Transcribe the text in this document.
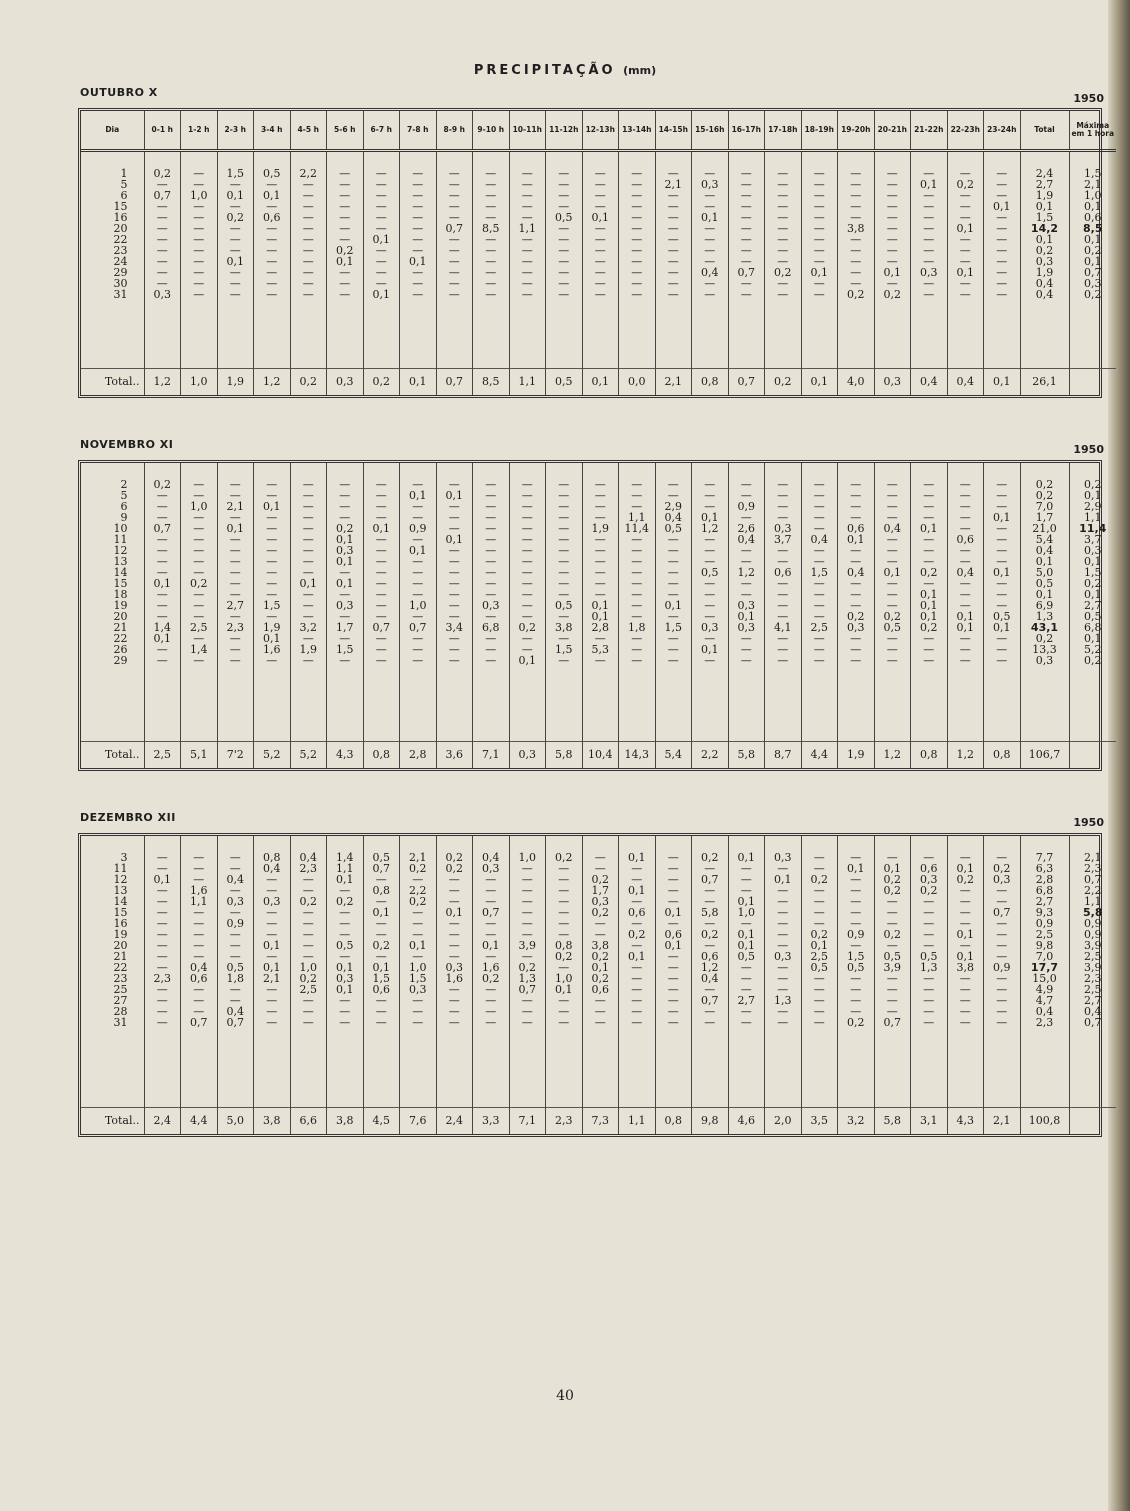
PRECIPITAÇÃO (mm)
OUTUBRO X	1950
Dia	0-1 h	1-2 h	2-3 h	3-4 h	4-5 h	5-6 h	6-7 h	7-8 h	8-9 h	9-10 h	10-11h	11-12h	12-13h	13-14h	14-15h	15-16h	16-17h	17-18h	18-19h	19-20h	20-21h	21-22h	22-23h	23-24h	Total	Máxima em 1 hora

1	0,2	—	1,5	0,5	2,2	—	—	—	—	—	—	—	—	—	—	—	—	—	—	—	—	—	—	—	2,4	1,5
5	—	—	—	—	—	—	—	—	—	—	—	—	—	—	2,1	0,3	—	—	—	—	—	0,1	0,2	—	2,7	2,1
6	0,7	1,0	0,1	0,1	—	—	—	—	—	—	—	—	—	—	—	—	—	—	—	—	—	—	—	—	1,9	1,0
15	—	—	—	—	—	—	—	—	—	—	—	—	—	—	—	—	—	—	—	—	—	—	—	0,1	0,1	0,1
16	—	—	0,2	0,6	—	—	—	—	—	—	—	0,5	0,1	—	—	0,1	—	—	—	—	—	—	—	—	1,5	0,6
20	—	—	—	—	—	—	—	—	0,7	8,5	1,1	—	—	—	—	—	—	—	—	3,8	—	—	0,1	—	14,2	8,5
22	—	—	—	—	—	—	0,1	—	—	—	—	—	—	—	—	—	—	—	—	—	—	—	—	—	0,1	0,1
23	—	—	—	—	—	0,2	—	—	—	—	—	—	—	—	—	—	—	—	—	—	—	—	—	—	0,2	0,2
24	—	—	0,1	—	—	0,1	—	0,1	—	—	—	—	—	—	—	—	—	—	—	—	—	—	—	—	0,3	0,1
29	—	—	—	—	—	—	—	—	—	—	—	—	—	—	—	0,4	0,7	0,2	0,1	—	0,1	0,3	0,1	—	1,9	0,7
30	—	—	—	—	—	—	—	—	—	—	—	—	—	—	—	—	—	—	—	—	—	—	—	—	0,4	0,3
31	0,3	—	—	—	—	—	0,1	—	—	—	—	—	—	—	—	—	—	—	—	0,2	0,2	—	—	—	0,4	0,2

Total..	1,2	1,0	1,9	1,2	0,2	0,3	0,2	0,1	0,7	8,5	1,1	0,5	0,1	0,0	2,1	0,8	0,7	0,2	0,1	4,0	0,3	0,4	0,4	0,1	26,1	
NOVEMBRO XI	1950

2	0,2	—	—	—	—	—	—	—	—	—	—	—	—	—	—	—	—	—	—	—	—	—	—	—	0,2	0,2
5	—	—	—	—	—	—	—	0,1	0,1	—	—	—	—	—	—	—	—	—	—	—	—	—	—	—	0,2	0,1
6	—	1,0	2,1	0,1	—	—	—	—	—	—	—	—	—	—	2,9	—	0,9	—	—	—	—	—	—	—	7,0	2,9
9	—	—	—	—	—	—	—	—	—	—	—	—	—	1,1	0,4	0,1	—	—	—	—	—	—	—	0,1	1,7	1,1
10	0,7	—	0,1	—	—	0,2	0,1	0,9	—	—	—	—	1,9	11,4	0,5	1,2	2,6	0,3	—	0,6	0,4	0,1	—	—	21,0	11,4
11	—	—	—	—	—	0,1	—	—	0,1	—	—	—	—	—	—	—	0,4	3,7	0,4	0,1	—	—	0,6	—	5,4	3,7
12	—	—	—	—	—	0,3	—	0,1	—	—	—	—	—	—	—	—	—	—	—	—	—	—	—	—	0,4	0,3
13	—	—	—	—	—	0,1	—	—	—	—	—	—	—	—	—	—	—	—	—	—	—	—	—	—	0,1	0,1
14	—	—	—	—	—	—	—	—	—	—	—	—	—	—	—	0,5	1,2	0,6	1,5	0,4	0,1	0,2	0,4	0,1	5,0	1,5
15	0,1	0,2	—	—	0,1	0,1	—	—	—	—	—	—	—	—	—	—	—	—	—	—	—	—	—	—	0,5	0,2
18	—	—	—	—	—	—	—	—	—	—	—	—	—	—	—	—	—	—	—	—	—	0,1	—	—	0,1	0,1
19	—	—	2,7	1,5	—	0,3	—	1,0	—	0,3	—	0,5	0,1	—	0,1	—	0,3	—	—	—	—	0,1	—	—	6,9	2,7
20	—	—	—	—	—	—	—	—	—	—	—	—	0,1	—	—	—	0,1	—	—	0,2	0,2	0,1	0,1	0,5	1,3	0,5
21	1,4	2,5	2,3	1,9	3,2	1,7	0,7	0,7	3,4	6,8	0,2	3,8	2,8	1,8	1,5	0,3	0,3	4,1	2,5	0,3	0,5	0,2	0,1	0,1	43,1	6,8
22	0,1	—	—	0,1	—	—	—	—	—	—	—	—	—	—	—	—	—	—	—	—	—	—	—	—	0,2	0,1
26	—	1,4	—	1,6	1,9	1,5	—	—	—	—	—	1,5	5,3	—	—	0,1	—	—	—	—	—	—	—	—	13,3	5,2
29	—	—	—	—	—	—	—	—	—	—	0,1	—	—	—	—	—	—	—	—	—	—	—	—	—	0,3	0,2

Total..	2,5	5,1	7'2	5,2	5,2	4,3	0,8	2,8	3,6	7,1	0,3	5,8	10,4	14,3	5,4	2,2	5,8	8,7	4,4	1,9	1,2	0,8	1,2	0,8	106,7	
DEZEMBRO XII	1950

3	—	—	—	0,8	0,4	1,4	0,5	2,1	0,2	0,4	1,0	0,2	—	0,1	—	0,2	0,1	0,3	—	—	—	—	—	—	7,7	2,1
11	—	—	—	0,4	2,3	1,1	0,7	0,2	0,2	0,3	—	—	—	—	—	—	—	—	—	0,1	0,1	0,6	0,1	0,2	6,3	2,3
12	0,1	—	0,4	—	—	0,1	—	—	—	—	—	—	0,2	—	—	0,7	—	0,1	0,2	—	0,2	0,3	0,2	0,3	2,8	0,7
13	—	1,6	—	—	—	—	0,8	2,2	—	—	—	—	1,7	0,1	—	—	—	—	—	—	0,2	0,2	—	—	6,8	2,2
14	—	1,1	0,3	0,3	0,2	0,2	—	0,2	—	—	—	—	0,3	—	—	—	0,1	—	—	—	—	—	—	—	2,7	1,1
15	—	—	—	—	—	—	0,1	—	0,1	0,7	—	—	0,2	0,6	0,1	5,8	1,0	—	—	—	—	—	—	0,7	9,3	5,8
16	—	—	0,9	—	—	—	—	—	—	—	—	—	—	—	—	—	—	—	—	—	—	—	—	—	0,9	0,9
19	—	—	—	—	—	—	—	—	—	—	—	—	—	0,2	0,6	0,2	0,1	—	0,2	0,9	0,2	—	0,1	—	2,5	0,9
20	—	—	—	0,1	—	0,5	0,2	0,1	—	0,1	3,9	0,8	3,8	—	0,1	—	0,1	—	0,1	—	—	—	—	—	9,8	3,9
21	—	—	—	—	—	—	—	—	—	—	—	0,2	0,2	0,1	—	0,6	0,5	0,3	2,5	1,5	0,5	0,5	0,1	—	7,0	2,5
22	—	0,4	0,5	0,1	1,0	0,1	0,1	1,0	0,3	1,6	0,2	—	0,1	—	—	1,2	—	—	0,5	0,5	3,9	1,3	3,8	0,9	17,7	3,9
23	2,3	0,6	1,8	2,1	0,2	0,3	1,5	1,5	1,6	0,2	1,3	1,0	0,2	—	—	0,4	—	—	—	—	—	—	—	—	15,0	2,3
25	—	—	—	—	2,5	0,1	0,6	0,3	—	—	0,7	0,1	0,6	—	—	—	—	—	—	—	—	—	—	—	4,9	2,5
27	—	—	—	—	—	—	—	—	—	—	—	—	—	—	—	0,7	2,7	1,3	—	—	—	—	—	—	4,7	2,7
28	—	—	0,4	—	—	—	—	—	—	—	—	—	—	—	—	—	—	—	—	—	—	—	—	—	0,4	0,4
31	—	0,7	0,7	—	—	—	—	—	—	—	—	—	—	—	—	—	—	—	—	0,2	0,7	—	—	—	2,3	0,7

Total..	2,4	4,4	5,0	3,8	6,6	3,8	4,5	7,6	2,4	3,3	7,1	2,3	7,3	1,1	0,8	9,8	4,6	2,0	3,5	3,2	5,8	3,1	4,3	2,1	100,8	
40
